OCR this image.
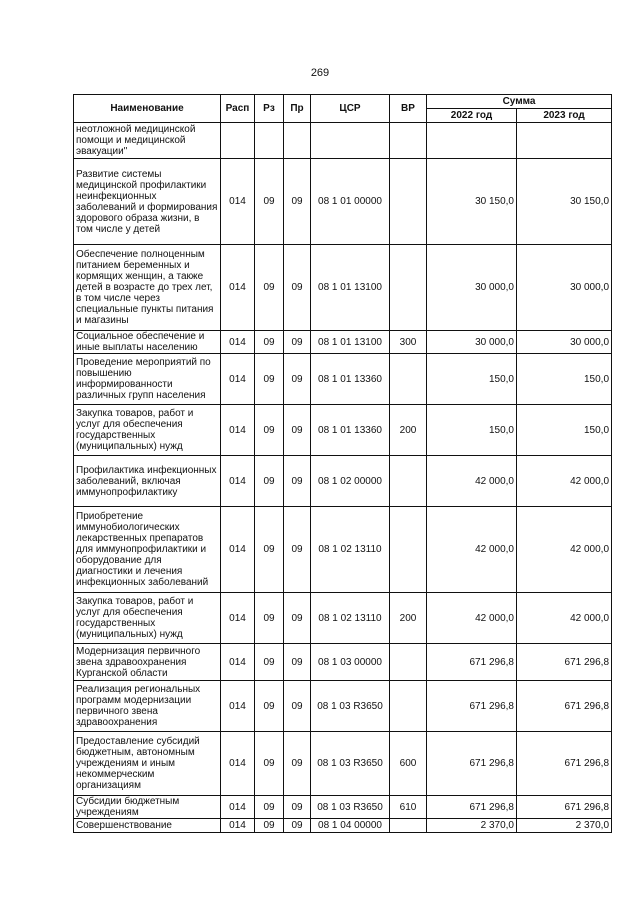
269
Наименование	Расп	Рз	Пр	ЦСР	ВР	Сумма	
						2022 год	2023 год
неотложной медицинской помощи и медицинской эвакуации"							
Развитие системы медицинской профилактики неинфекционных заболеваний и формирования здорового образа жизни, в том числе у детей	014	09	09	08 1 01 00000		30 150,0	30 150,0
Обеспечение полноценным питанием беременных и кормящих женщин, а также детей в возрасте до трех лет, в том числе через специальные пункты питания и магазины	014	09	09	08 1 01 13100		30 000,0	30 000,0
Социальное обеспечение и иные выплаты населению	014	09	09	08 1 01 13100	300	30 000,0	30 000,0
Проведение мероприятий по повышению информированности различных групп населения	014	09	09	08 1 01 13360		150,0	150,0
Закупка товаров, работ и услуг для обеспечения государственных (муниципальных) нужд	014	09	09	08 1 01 13360	200	150,0	150,0
Профилактика инфекционных заболеваний, включая иммунопрофилактику	014	09	09	08 1 02 00000		42 000,0	42 000,0
Приобретение иммунобиологических лекарственных препаратов для иммунопрофилактики и оборудование для диагностики и лечения инфекционных заболеваний	014	09	09	08 1 02 13110		42 000,0	42 000,0
Закупка товаров, работ и услуг для обеспечения государственных (муниципальных) нужд	014	09	09	08 1 02 13110	200	42 000,0	42 000,0
Модернизация первичного звена здравоохранения Курганской области	014	09	09	08 1 03 00000		671 296,8	671 296,8
Реализация региональных программ модернизации первичного звена здравоохранения	014	09	09	08 1 03 R3650		671 296,8	671 296,8
Предоставление субсидий бюджетным, автономным учреждениям и иным некоммерческим организациям	014	09	09	08 1 03 R3650	600	671 296,8	671 296,8
Субсидии бюджетным учреждениям	014	09	09	08 1 03 R3650	610	671 296,8	671 296,8
Совершенствование	014	09	09	08 1 04 00000		2 370,0	2 370,0
